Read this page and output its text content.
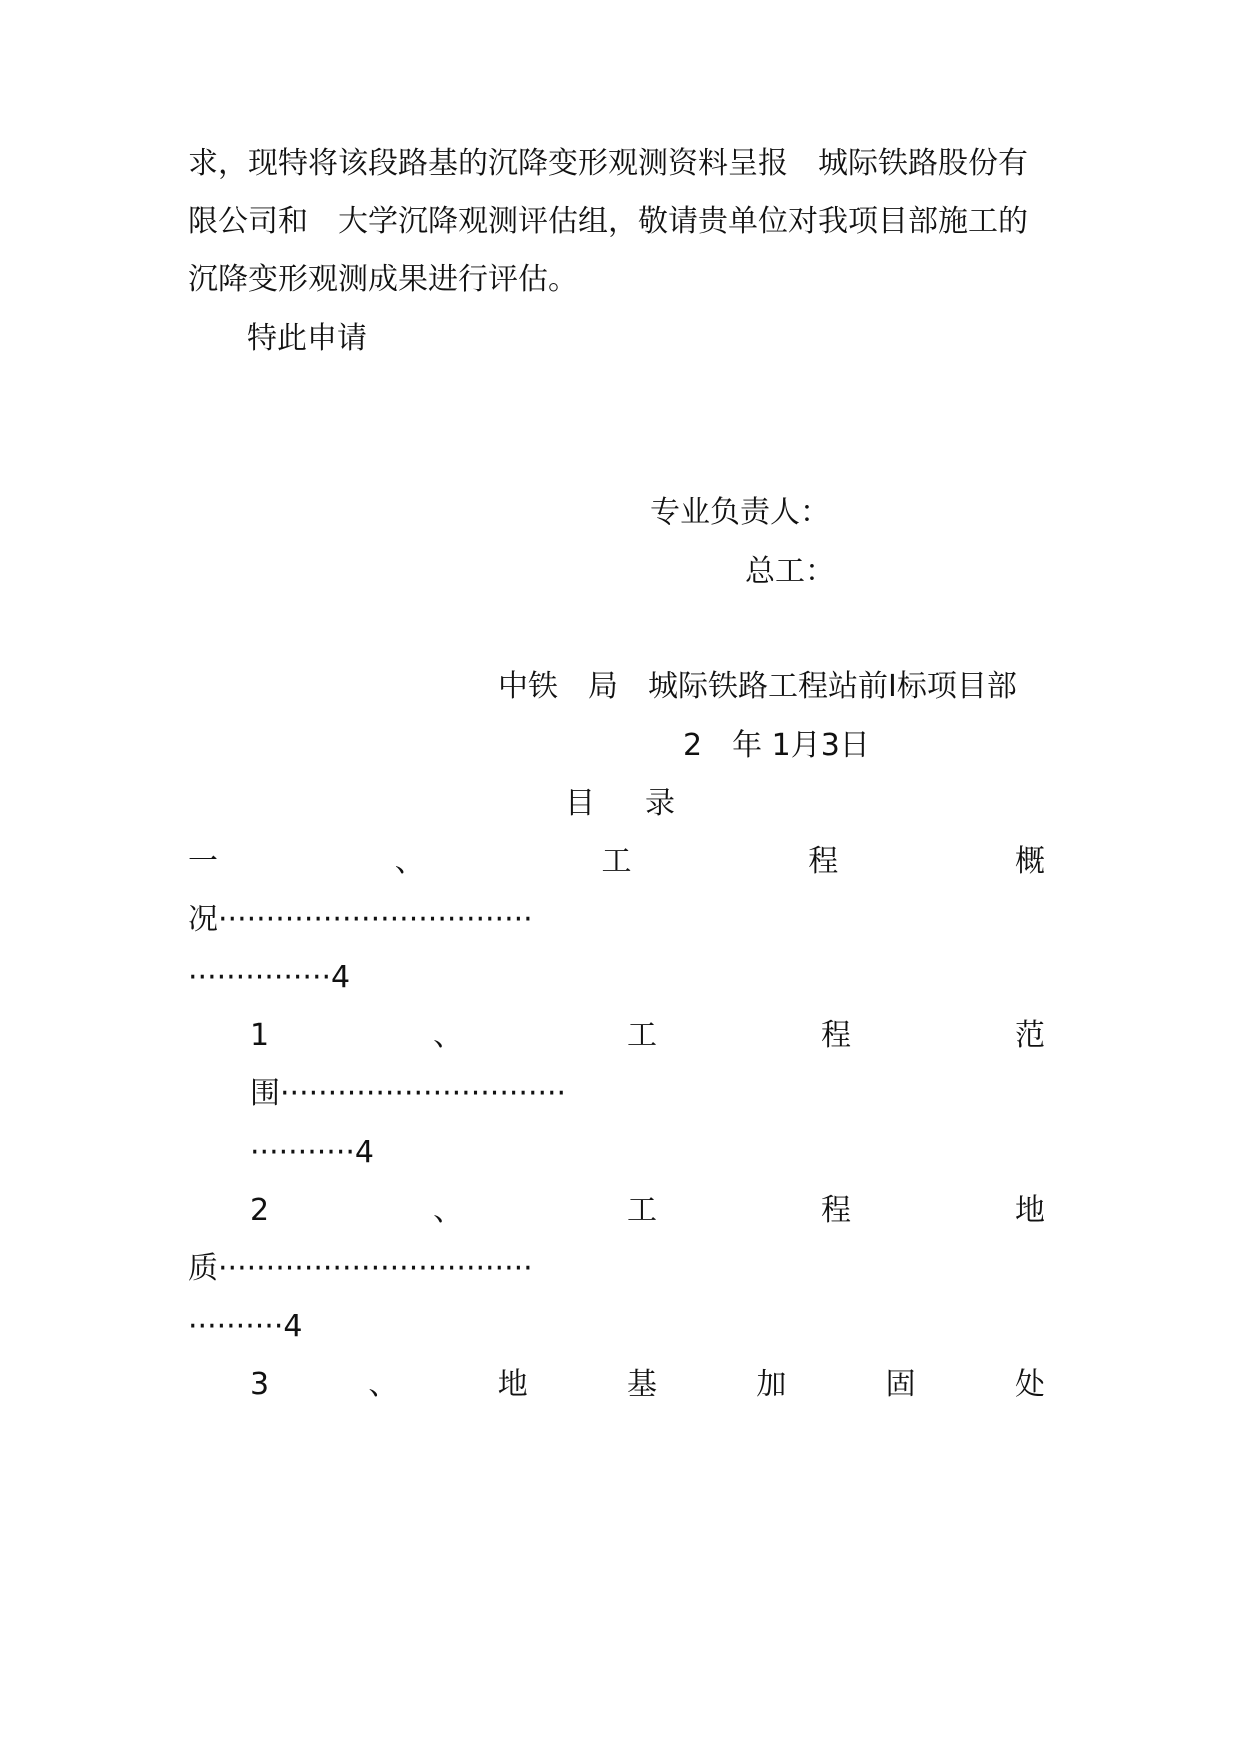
求，现特将该段路基的沉降变形观测资料呈报　城际铁路股份有
限公司和　大学沉降观测评估组，敬请贵单位对我项目部施工的
沉降变形观测成果进行评估。
特此申请
专业负责人：
总工：
中铁　局　城际铁路工程站前Ⅰ标项目部
2　年 1月3日
目录
一	、	工	程	概
况·································
···············4
1	、	工	程	范
围······························
···········4
2	、	工	程	地
质·································
··········4
3	、	地	基	加	固	处
